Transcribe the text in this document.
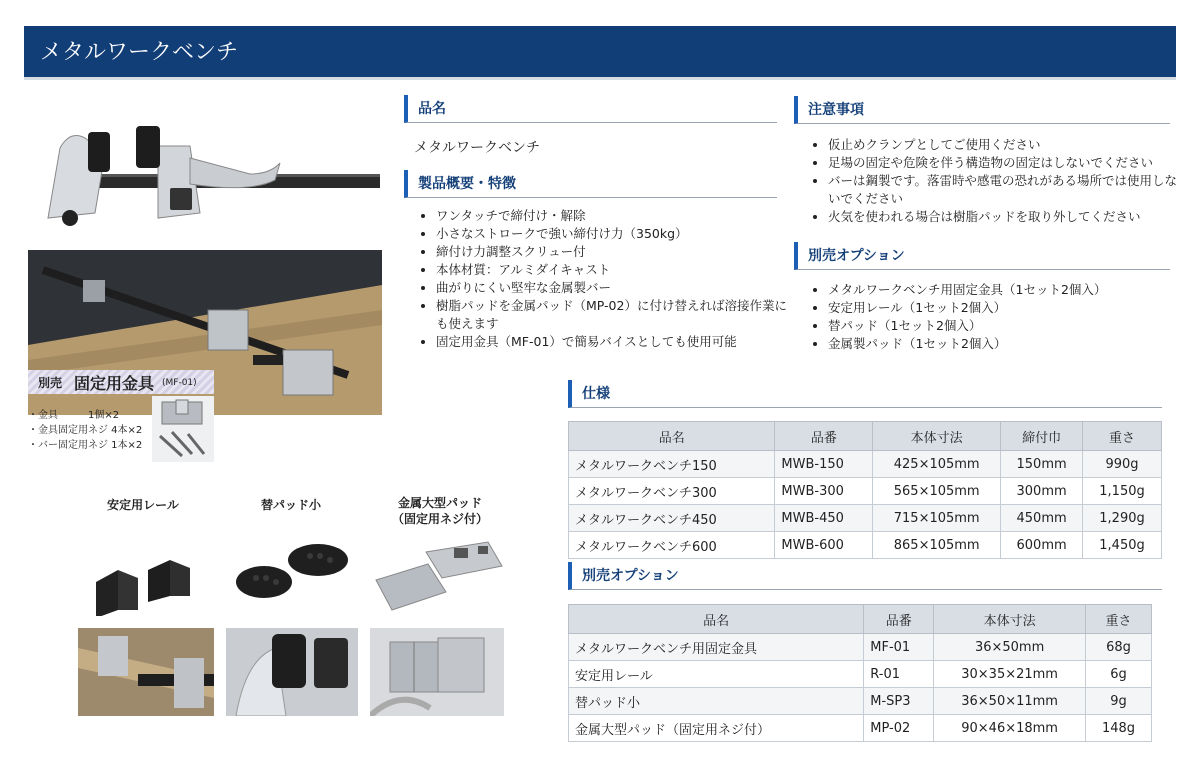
メタルワークベンチ
別売 固定用金具 (MF-01)
・金具　　　1個×2
・金具固定用ネジ 4本×2
・バー固定用ネジ 1本×2
安定用レール	替パッド小	金属大型パッド
（固定用ネジ付）
品名
メタルワークベンチ
製品概要・特徴
• ワンタッチで締付け・解除
• 小さなストロークで強い締付け力（350kg）
• 締付け力調整スクリュー付
• 本体材質：アルミダイキャスト
• 曲がりにくい堅牢な金属製バー
• 樹脂パッドを金属パッド（MP-02）に付け替えれば溶接作業にも使えます
• 固定用金具（MF-01）で簡易バイスとしても使用可能
注意事項
• 仮止めクランプとしてご使用ください
• 足場の固定や危険を伴う構造物の固定はしないでください
• バーは鋼製です。落雷時や感電の恐れがある場所では使用しないでください
• 火気を使われる場合は樹脂パッドを取り外してください
別売オプション
• メタルワークベンチ用固定金具（1セット2個入）
• 安定用レール（1セット2個入）
• 替パッド（1セット2個入）
• 金属製パッド（1セット2個入）
仕様
品名	品番	本体寸法	締付巾	重さ
メタルワークベンチ150	MWB-150	425×105mm	150mm	990g
メタルワークベンチ300	MWB-300	565×105mm	300mm	1,150g
メタルワークベンチ450	MWB-450	715×105mm	450mm	1,290g
メタルワークベンチ600	MWB-600	865×105mm	600mm	1,450g
別売オプション
品名	品番	本体寸法	重さ
メタルワークベンチ用固定金具	MF-01	36×50mm	68g
安定用レール	R-01	30×35×21mm	6g
替パッド小	M-SP3	36×50×11mm	9g
金属大型パッド（固定用ネジ付）	MP-02	90×46×18mm	148g
